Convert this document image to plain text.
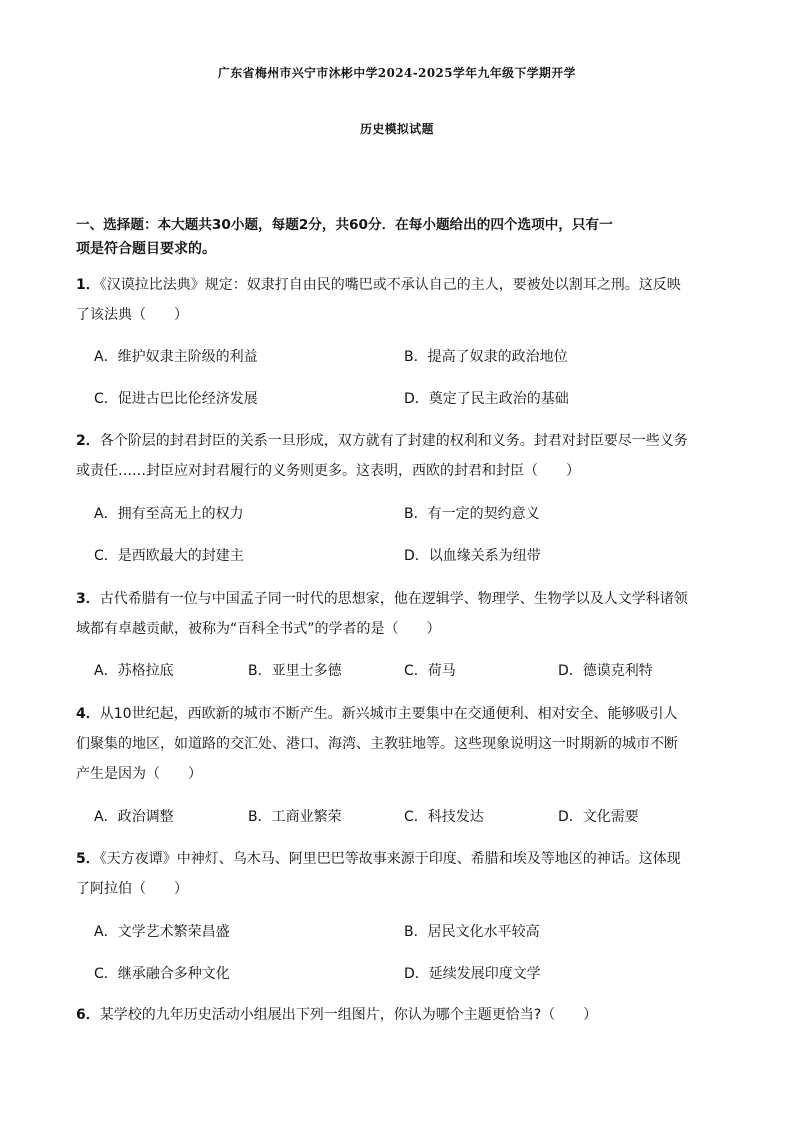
广东省梅州市兴宁市沐彬中学2024-2025学年九年级下学期开学
历史模拟试题
一、选择题：本大题共30小题，每题2分，共60分．在每小题给出的四个选项中，只有一
项是符合题目要求的。
1．《汉谟拉比法典》规定：奴隶打自由民的嘴巴或不承认自己的主人，要被处以割耳之刑。这反映
了该法典（　　）
A．维护奴隶主阶级的利益	B．提高了奴隶的政治地位
C．促进古巴比伦经济发展	D．奠定了民主政治的基础
2．各个阶层的封君封臣的关系一旦形成，双方就有了封建的权利和义务。封君对封臣要尽一些义务
或责任……封臣应对封君履行的义务则更多。这表明，西欧的封君和封臣（　　）
A．拥有至高无上的权力	B．有一定的契约意义
C．是西欧最大的封建主	D．以血缘关系为纽带
3．古代希腊有一位与中国孟子同一时代的思想家，他在逻辑学、物理学、生物学以及人文学科诸领
域都有卓越贡献，被称为“百科全书式”的学者的是（　　）
A．苏格拉底	B．亚里士多德	C．荷马	D．德谟克利特
4．从10世纪起，西欧新的城市不断产生。新兴城市主要集中在交通便利、相对安全、能够吸引人
们聚集的地区，如道路的交汇处、港口、海湾、主教驻地等。这些现象说明这一时期新的城市不断
产生是因为（　　）
A．政治调整	B．工商业繁荣	C．科技发达	D．文化需要
5．《天方夜谭》中神灯、乌木马、阿里巴巴等故事来源于印度、希腊和埃及等地区的神话。这体现
了阿拉伯（　　）
A．文学艺术繁荣昌盛	B．居民文化水平较高
C．继承融合多种文化	D．延续发展印度文学
6．某学校的九年历史活动小组展出下列一组图片，你认为哪个主题更恰当?（　　）
